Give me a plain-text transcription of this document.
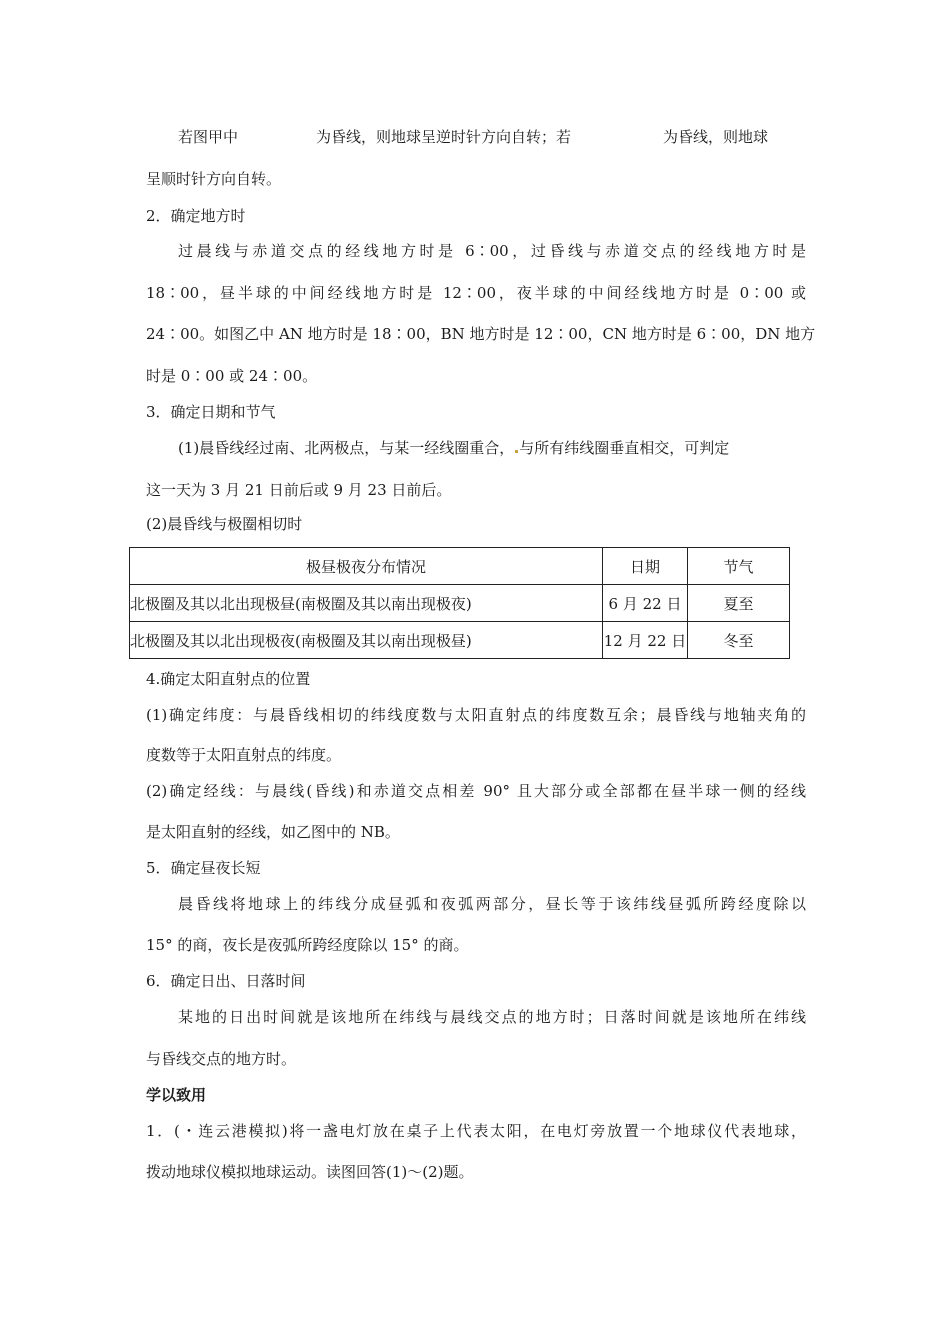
若图甲中	为昏线，则地球呈逆时针方向自转；若	为昏线，则地球
呈顺时针方向自转。
2．确定地方时
过晨线与赤道交点的经线地方时是 6∶00，过昏线与赤道交点的经线地方时是
18∶00，昼半球的中间经线地方时是 12∶00，夜半球的中间经线地方时是 0∶00 或
24∶00。如图乙中 AN 地方时是 18∶00，BN 地方时是 12∶00，CN 地方时是 6∶00，DN 地方
时是 0∶00 或 24∶00。
3．确定日期和节气
(1)晨昏线经过南、北两极点，与某一经线圈重合， 与所有纬线圈垂直相交，可判定
这一天为 3 月 21 日前后或 9 月 23 日前后。
(2)晨昏线与极圈相切时
极昼极夜分布情况	日期	节气
北极圈及其以北出现极昼(南极圈及其以南出现极夜)	6 月 22 日	夏至
北极圈及其以北出现极夜(南极圈及其以南出现极昼)	12 月 22 日	冬至
4.确定太阳直射点的位置
(1)确定纬度：与晨昏线相切的纬线度数与太阳直射点的纬度数互余；晨昏线与地轴夹角的
度数等于太阳直射点的纬度。
(2)确定经线：与晨线(昏线)和赤道交点相差 90° 且大部分或全部都在昼半球一侧的经线
是太阳直射的经线，如乙图中的 NB。
5．确定昼夜长短
晨昏线将地球上的纬线分成昼弧和夜弧两部分，昼长等于该纬线昼弧所跨经度除以
15° 的商，夜长是夜弧所跨经度除以 15° 的商。
6．确定日出、日落时间
某地的日出时间就是该地所在纬线与晨线交点的地方时；日落时间就是该地所在纬线
与昏线交点的地方时。
学以致用
1．(・连云港模拟)将一盏电灯放在桌子上代表太阳，在电灯旁放置一个地球仪代表地球，
拨动地球仪模拟地球运动。读图回答(1)～(2)题。
